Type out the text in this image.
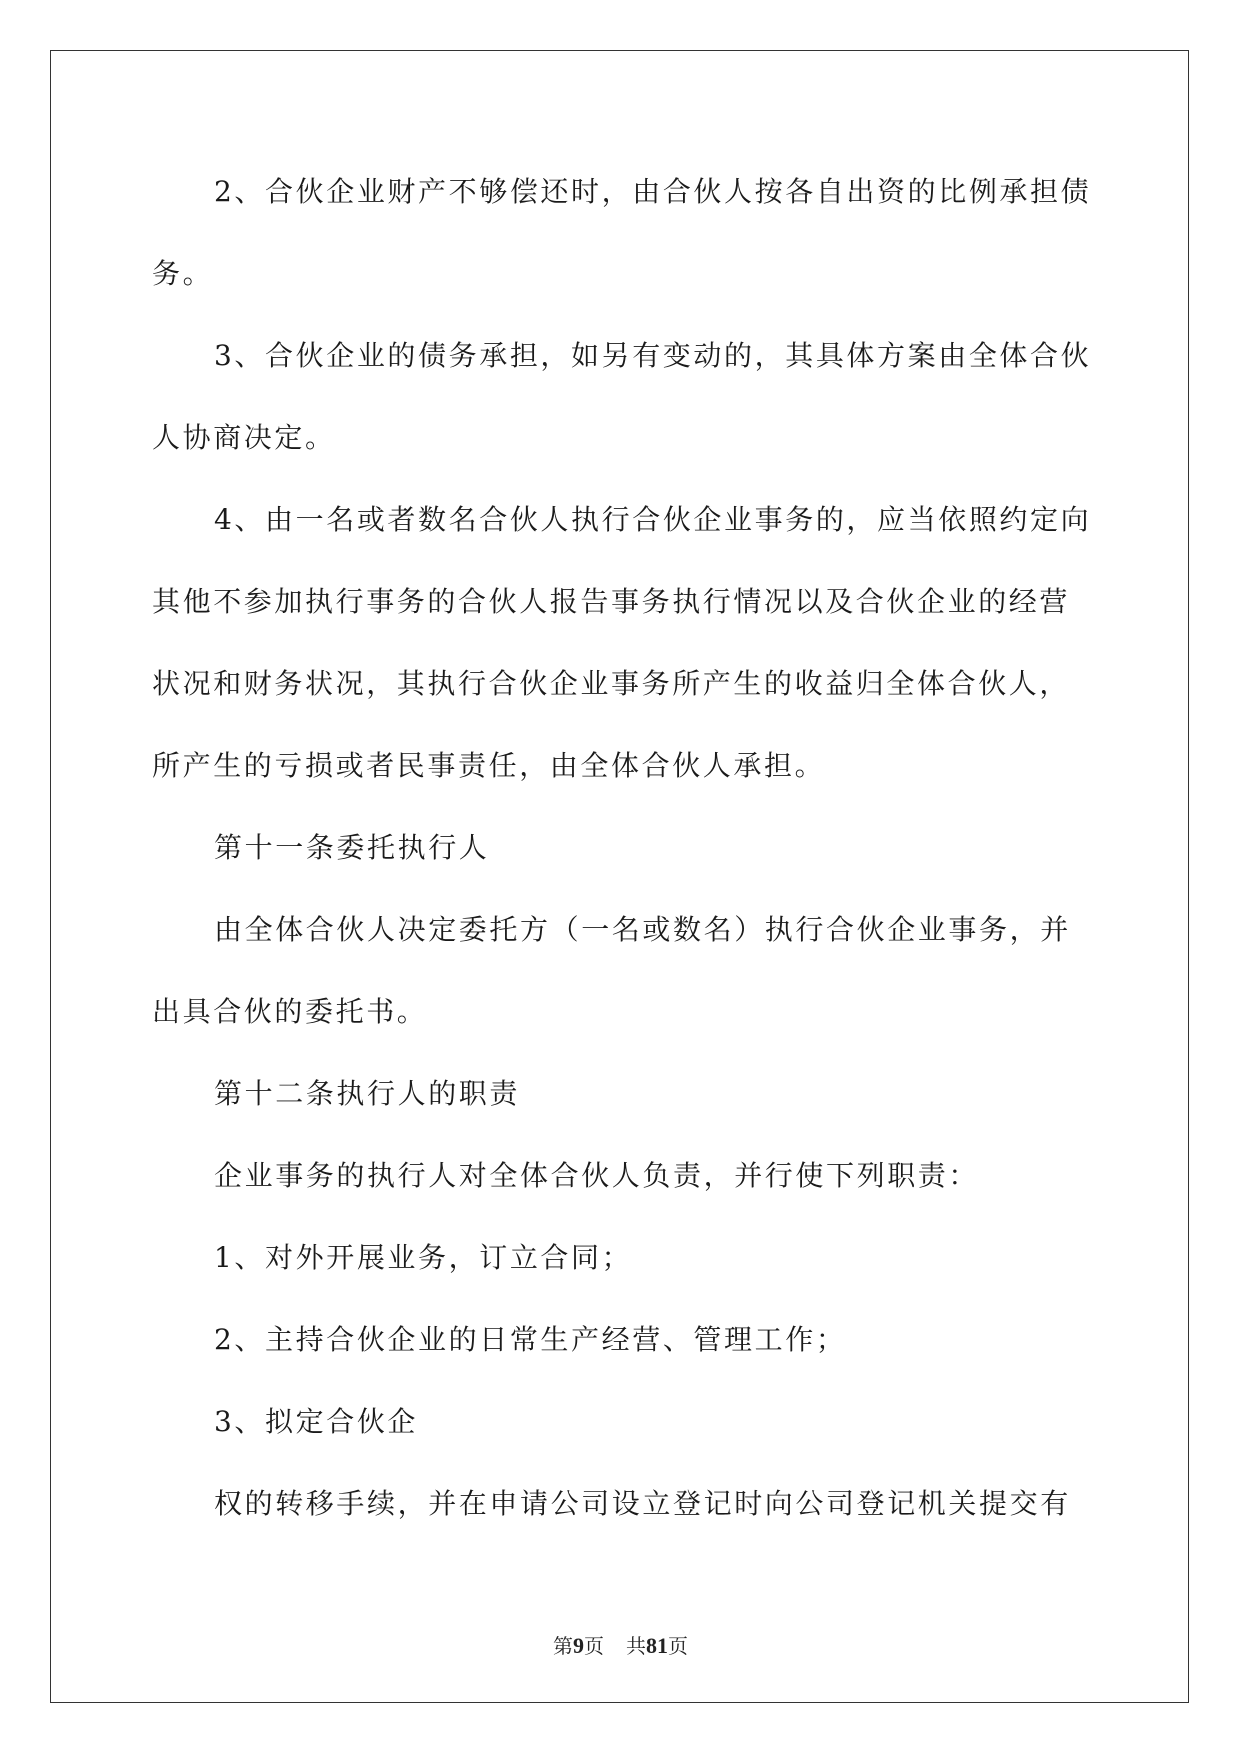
2、合伙企业财产不够偿还时，由合伙人按各自出资的比例承担债
务。
3、合伙企业的债务承担，如另有变动的，其具体方案由全体合伙
人协商决定。
4、由一名或者数名合伙人执行合伙企业事务的，应当依照约定向
其他不参加执行事务的合伙人报告事务执行情况以及合伙企业的经营
状况和财务状况，其执行合伙企业事务所产生的收益归全体合伙人，
所产生的亏损或者民事责任，由全体合伙人承担。
第十一条委托执行人
由全体合伙人决定委托方（一名或数名）执行合伙企业事务，并
出具合伙的委托书。
第十二条执行人的职责
企业事务的执行人对全体合伙人负责，并行使下列职责：
1、对外开展业务，订立合同；
2、主持合伙企业的日常生产经营、管理工作；
3、拟定合伙企
权的转移手续，并在申请公司设立登记时向公司登记机关提交有
第9页 共81页
